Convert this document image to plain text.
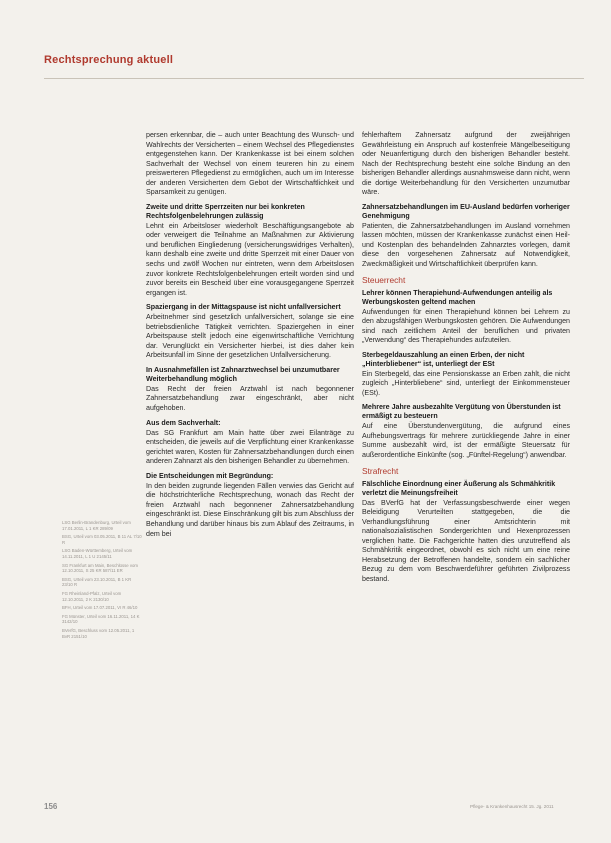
Rechtsprechung aktuell

persen erkennbar, die – auch unter Beachtung des Wunsch- und Wahlrechts der Versicherten – einem Wechsel des Pflegedienstes entgegenstehen kann. Der Krankenkasse ist bei einem solchen Sachverhalt der Wechsel von einem teureren hin zu einem preiswerteren Pflegedienst zu ermöglichen, auch um im Interesse der anderen Versicherten dem Gebot der Wirtschaftlichkeit und Sparsamkeit zu genügen.

Zweite und dritte Sperrzeiten nur bei konkreten Rechtsfolgenbelehrungen zulässig

Lehnt ein Arbeitsloser wiederholt Beschäftigungsangebote ab oder verweigert die Teilnahme an Maßnahmen zur Aktivierung und beruflichen Eingliederung (versicherungswidriges Verhalten), kann deshalb eine zweite und dritte Sperrzeit mit einer Dauer von sechs und zwölf Wochen nur eintreten, wenn dem Arbeitslosen zuvor konkrete Rechtsfolgenbelehrungen erteilt worden sind und zuvor bereits ein Bescheid über eine vorausgegangene Sperrzeit ergangen ist.

Spaziergang in der Mittagspause ist nicht unfallversichert

Arbeitnehmer sind gesetzlich unfallversichert, solange sie eine betriebsdienliche Tätigkeit verrichten. Spaziergehen in einer Arbeitspause stellt jedoch eine eigenwirtschaftliche Verrichtung dar. Verunglückt ein Versicherter hierbei, ist dies daher kein Arbeitsunfall im Sinne der gesetzlichen Unfallversicherung.

In Ausnahmefällen ist Zahnarztwechsel bei unzumutbarer Weiterbehandlung möglich

Das Recht der freien Arztwahl ist nach begonnener Zahnersatzbehandlung zwar eingeschränkt, aber nicht aufgehoben.

Aus dem Sachverhalt:

Das SG Frankfurt am Main hatte über zwei Eilanträge zu entscheiden, die jeweils auf die Verpflichtung einer Krankenkasse gerichtet waren, Kosten für Zahnersatzbehandlungen durch einen anderen Zahnarzt als den bisherigen Behandler zu übernehmen.

Die Entscheidungen mit Begründung:

In den beiden zugrunde liegenden Fällen verwies das Gericht auf die höchstrichterliche Rechtsprechung, wonach das Recht der freien Arztwahl nach begonnener Zahnersatzbehandlung eingeschränkt ist. Diese Einschränkung gilt bis zum Abschluss der Behandlung und darüber hinaus bis zum Ablauf des Zeitraums, in dem bei

fehlerhaftem Zahnersatz aufgrund der zweijährigen Gewährleistung ein Anspruch auf kostenfreie Mängelbeseitigung oder Neuanfertigung durch den bisherigen Behandler besteht. Nach der Rechtsprechung besteht eine solche Bindung an den bisherigen Behandler allerdings ausnahmsweise dann nicht, wenn die dortige Weiterbehandlung für den Versicherten unzumutbar wäre.

Zahnersatzbehandlungen im EU-Ausland bedürfen vorheriger Genehmigung

Patienten, die Zahnersatzbehandlungen im Ausland vornehmen lassen möchten, müssen der Krankenkasse zunächst einen Heil- und Kostenplan des behandelnden Zahnarztes vorlegen, damit diese den vorgesehenen Zahnersatz auf Notwendigkeit, Zweckmäßigkeit und Wirtschaftlichkeit überprüfen kann.

Steuerrecht
Lehrer können Therapiehund-Aufwendungen anteilig als Werbungskosten geltend machen

Aufwendungen für einen Therapiehund können bei Lehrern zu den abzugsfähigen Werbungskosten gehören. Die Aufwendungen sind nach zeitlichem Anteil der beruflichen und privaten „Verwendung“ des Therapiehundes aufzuteilen.

Sterbegeldauszahlung an einen Erben, der nicht „Hinterbliebener“ ist, unterliegt der ESt

Ein Sterbegeld, das eine Pensionskasse an Erben zahlt, die nicht zugleich „Hinterbliebene“ sind, unterliegt der Einkommensteuer (ESt).

Mehrere Jahre ausbezahlte Vergütung von Überstunden ist ermäßigt zu besteuern

Auf eine Überstundenvergütung, die aufgrund eines Aufhebungsvertrags für mehrere zurückliegende Jahre in einer Summe ausbezahlt wird, ist der ermäßigte Steuersatz für außerordentliche Einkünfte (sog. „Fünftel-Regelung“) anwendbar.

Strafrecht
Fälschliche Einordnung einer Äußerung als Schmähkritik verletzt die Meinungsfreiheit

Das BVerfG hat der Verfassungsbeschwerde einer wegen Beleidigung Verurteilten stattgegeben, die die Verhandlungsführung einer Amtsrichterin mit nationalsozialistischen Sondergerichten und Hexenprozessen verglichen hatte. Die Fachgerichte hatten dies unzutreffend als Schmähkritik eingeordnet, obwohl es sich nicht um eine reine Herabsetzung der Betroffenen handelte, sondern ein sachlicher Bezug zu dem vom Beschwerdeführer geführten Zivilprozess bestand.

LSG Berlin-Brandenburg, Urteil vom 17.01.2011, L 1 KR 289/09
BSG, Urteil vom 03.05.2011, B 11 AL 7/10 R
LSG Baden-Württemberg, Urteil vom 14.11.2011, L 1 U 2145/11
SG Frankfurt am Main, Beschlüsse vom 12.10.2011, S 25 KR 587/11 ER
BSG, Urteil vom 23.10.2011, B 1 KR 23/10 R
FG Rheinland-Pfalz, Urteil vom 12.10.2011, 2 K 2130/10
BFH, Urteil vom 17.07.2011, VI R 46/10
FG Münster, Urteil vom 16.11.2011, 14 K 3142/10
BVerfG, Beschluss vom 12.05.2011, 1 BvR 2151/10
156	Pflege- & Krankenhausrecht 15. Jg. 2011
